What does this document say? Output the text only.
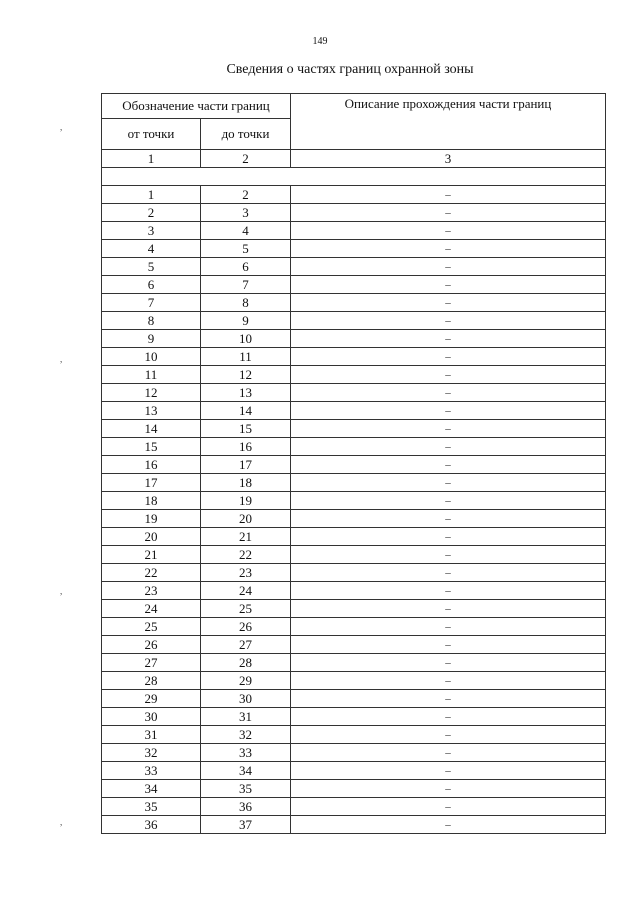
149
Сведения о частях границ охранной зоны
,
,
,
,
Обозначение части границ		Описание прохождения части границ
от точки	до точки	
1	2	3

1	2	–
2	3	–
3	4	–
4	5	–
5	6	–
6	7	–
7	8	–
8	9	–
9	10	–
10	11	–
11	12	–
12	13	–
13	14	–
14	15	–
15	16	–
16	17	–
17	18	–
18	19	–
19	20	–
20	21	–
21	22	–
22	23	–
23	24	–
24	25	–
25	26	–
26	27	–
27	28	–
28	29	–
29	30	–
30	31	–
31	32	–
32	33	–
33	34	–
34	35	–
35	36	–
36	37	–
